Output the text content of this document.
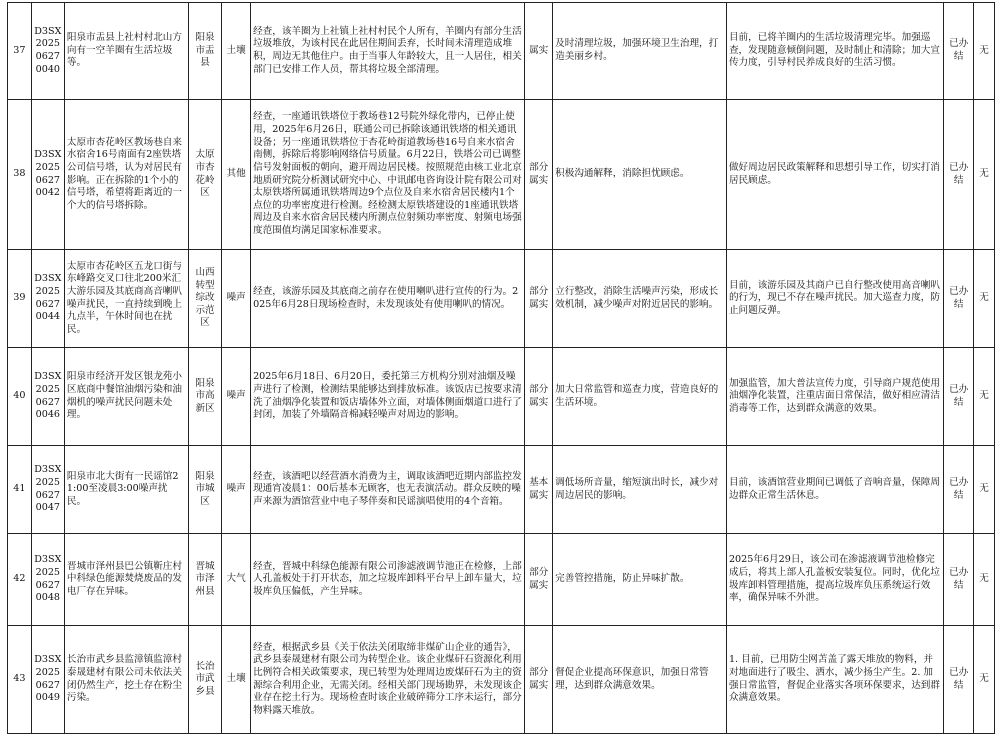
37	D3SX202506270040	阳泉市盂县上社村村北山方向有一空羊圈有生活垃圾等。	阳泉市盂县	土壤	经查，该羊圈为上社镇上社村村民个人所有，羊圈内有部分生活垃圾堆放，为该村民在此居住期间丢弃，长时间未清理造成堆积，周边无其他住户。由于当事人年龄较大，且一人居住，相关部门已安排工作人员，帮其将垃圾全部清理。	属实	及时清理垃圾，加强环境卫生治理，打造美丽乡村。	目前，已将羊圈内的生活垃圾清理完毕。加强巡查，发现随意倾倒问题，及时制止和清除；加大宣传力度，引导村民养成良好的生活习惯。	已办结	无
38	D3SX202506270042	太原市杏花岭区教场巷自来水宿舍16号南面有2座铁塔公司信号塔，认为对居民有影响。正在拆除的1个小的信号塔，希望将距离近的一个大的信号塔拆除。	太原市杏花岭区	其他	经查，一座通讯铁塔位于教场巷12号院外绿化带内，已停止使用，2025年6月26日，联通公司已拆除该通讯铁塔的相关通讯设备；另一座通讯铁塔位于杏花岭街道教场巷16号自来水宿舍南侧，拆除后将影响网络信号质量。6月22日，铁塔公司已调整信号发射面板的朝向，避开周边居民楼。按照规范由核工业北京地质研究院分析测试研究中心、中讯邮电咨询设计院有限公司对太原铁塔所属通讯铁塔周边9个点位及自来水宿舍居民楼内1个点位的功率密度进行检测。经检测太原铁塔建设的1座通讯铁塔周边及自来水宿舍居民楼内所测点位射频功率密度、射频电场强度范围值均满足国家标准要求。	部分属实	积极沟通解释，消除担忧顾虑。	做好周边居民政策解释和思想引导工作，切实打消居民顾虑。	已办结	无
39	D3SX202506270044	太原市杏花岭区五龙口街与东峰路交叉口往北200米汇大游乐园及其底商高音喇叭噪声扰民，一直持续到晚上九点半，午休时间也在扰民。	山西转型综改示范区	噪声	经查，该游乐园及其底商之前存在使用喇叭进行宣传的行为。2025年6月28日现场检查时，未发现该处有使用喇叭的情况。	部分属实	立行整改，消除生活噪声污染，形成长效机制，减少噪声对附近居民的影响。	目前，该游乐园及其商户已自行整改使用高音喇叭的行为，现已不存在噪声扰民。加大巡查力度，防止问题反弹。	已办结	无
40	D3SX202506270046	阳泉市经济开发区银龙苑小区底商中餐馆油烟污染和油烟机的噪声扰民问题未处理。	阳泉市高新区	噪声	2025年6月18日、6月20日，委托第三方机构分别对油烟及噪声进行了检测，检测结果能够达到排放标准。该饭店已按要求清洗了油烟净化装置和饭店墙体外立面，对墙体侧面烟道口进行了封闭，加装了外墙隔音棉减轻噪声对周边的影响。	部分属实	加大日常监管和巡查力度，营造良好的生活环境。	加强监管，加大普法宣传力度，引导商户规范使用油烟净化装置，注重店面日常保洁，做好相应清洁消毒等工作，达到群众满意的效果。	已办结	无
41	D3SX202506270047	阳泉市北大街有一民谣馆21:00至凌晨3:00噪声扰民。	阳泉市城区	噪声	经查，该酒吧以经营酒水消费为主，调取该酒吧近期内部监控发现通宵凌晨1：00后基本无顾客，也无表演活动。群众反映的噪声来源为酒馆营业中电子琴伴奏和民谣演唱使用的4个音箱。	基本属实	调低场所音量，缩短演出时长，减少对周边居民的影响。	目前，该酒馆营业期间已调低了音响音量，保障周边群众正常生活休息。	已办结	无
42	D3SX202506270048	晋城市泽州县巴公镇靳庄村中科绿色能源焚烧废品的发电厂存在异味。	晋城市泽州县	大气	经查，晋城中科绿色能源有限公司渗滤液调节池正在检修，上部人孔盖板处于打开状态，加之垃圾库卸料平台早上卸车量大，垃圾库负压偏低，产生异味。	部分属实	完善管控措施，防止异味扩散。	2025年6月29日，该公司在渗滤液调节池检修完成后，将其上部人孔盖板安装复位。同时，优化垃圾库卸料管理措施，提高垃圾库负压系统运行效率，确保异味不外泄。	已办结	无
43	D3SX202506270049	长治市武乡县监漳镇监漳村泰晟建材有限公司未依法关闭仍然生产，挖土存在粉尘污染。	长治市武乡县	土壤	经查，根据武乡县《关于依法关闭取缔非煤矿山企业的通告》，武乡县泰晟建材有限公司为转型企业。该企业煤矸石资源化利用比例符合相关政策要求，现已转型为处理周边废煤矸石为主的资源综合利用企业，无需关闭。经相关部门现场勘界，未发现该企业存在挖土行为。现场检查时该企业破碎筛分工序未运行，部分物料露天堆放。	部分属实	督促企业提高环保意识，加强日常管理，达到群众满意效果。	1. 目前，已用防尘网苫盖了露天堆放的物料，并对地面进行了吸尘、洒水，减少扬尘产生。2. 加强日常监管，督促企业落实各项环保要求，达到群众满意效果。	已办结	无
